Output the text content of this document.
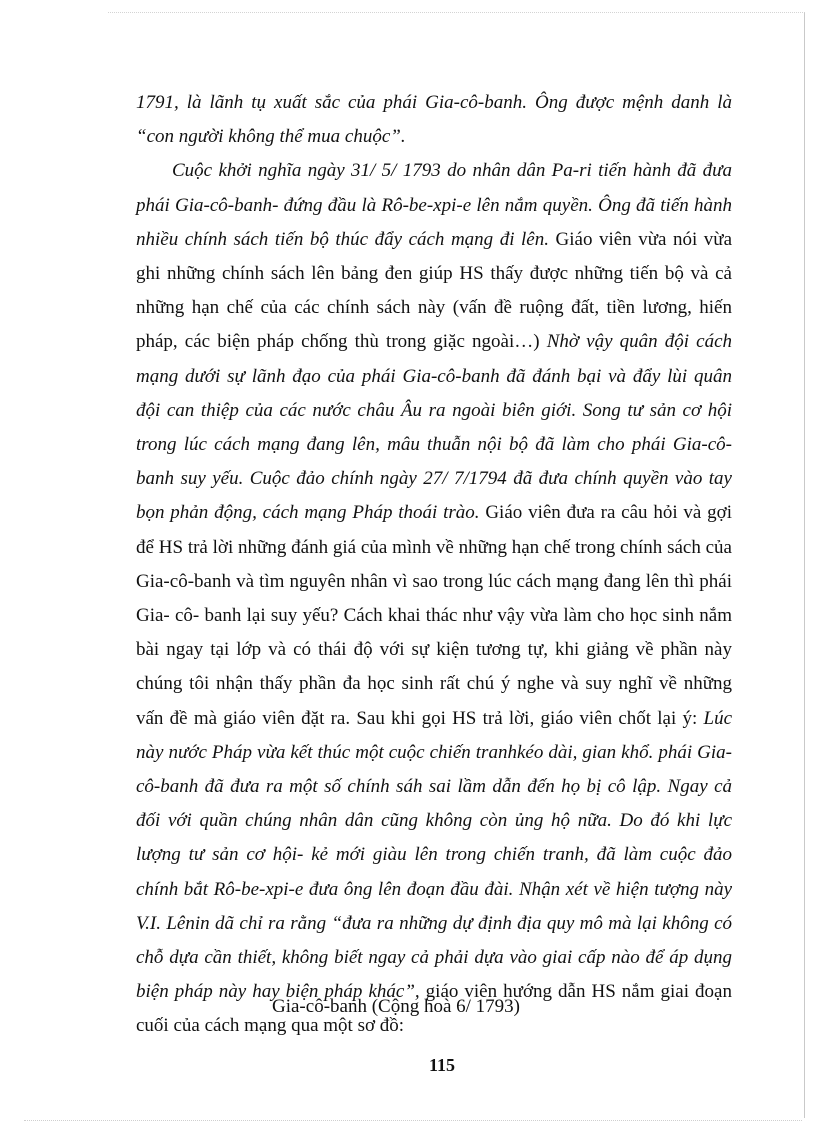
1791, là lãnh tụ xuất sắc của phái Gia-cô-banh. Ông được mệnh danh là “con người không thể mua chuộc”.

Cuộc khởi nghĩa ngày 31/ 5/ 1793 do nhân dân Pa-ri tiến hành đã đưa phái Gia-cô-banh- đứng đầu là Rô-be-xpi-e lên nắm quyền. Ông đã tiến hành nhiều chính sách tiến bộ thúc đẩy cách mạng đi lên. Giáo viên vừa nói vừa ghi những chính sách lên bảng đen giúp HS thấy được những tiến bộ và cả những hạn chế của các chính sách này (vấn đề ruộng đất, tiền lương, hiến pháp, các biện pháp chống thù trong giặc ngoài…) Nhờ vậy quân đội cách mạng dưới sự lãnh đạo của phái Gia-cô-banh đã đánh bại và đẩy lùi quân đội can thiệp của các nước châu Âu ra ngoài biên giới. Song tư sản cơ hội trong lúc cách mạng đang lên, mâu thuẫn nội bộ đã làm cho phái Gia-cô-banh suy yếu. Cuộc đảo chính ngày 27/ 7/1794 đã đưa chính quyền vào tay bọn phản động, cách mạng Pháp thoái trào. Giáo viên đưa ra câu hỏi và gợi để HS trả lời những đánh giá của mình về những hạn chế trong chính sách của Gia-cô-banh và tìm nguyên nhân vì sao trong lúc cách mạng đang lên thì phái Gia- cô- banh lại suy yếu? Cách khai thác như vậy vừa làm cho học sinh nắm bài ngay tại lớp và có thái độ với sự kiện tương tự, khi giảng về phần này chúng tôi nhận thấy phần đa học sinh rất chú ý nghe và suy nghĩ về những vấn đề mà giáo viên đặt ra. Sau khi gọi HS trả lời, giáo viên chốt lại ý: Lúc này nước Pháp vừa kết thúc một cuộc chiến tranhkéo dài, gian khổ. phái Gia-cô-banh đã đưa ra một số chính sáh sai lầm dẫn đến họ bị cô lập. Ngay cả đối với quần chúng nhân dân cũng không còn ủng hộ nữa. Do đó khi lực lượng tư sản cơ hội- kẻ mới giàu lên trong chiến tranh, đã làm cuộc đảo chính bắt Rô-be-xpi-e đưa ông lên đoạn đầu đài. Nhận xét về hiện tượng này V.I. Lênin dã chỉ ra rằng “đưa ra những dự định địa quy mô mà lại không có chỗ dựa cần thiết, không biết ngay cả phải dựa vào giai cấp nào để áp dụng biện pháp này hay biện pháp khác”, giáo viên hướng dẫn HS nắm giai đoạn cuối của cách mạng qua một sơ đồ:

Gia-cô-banh (Cộng hoà 6/ 1793)
115
